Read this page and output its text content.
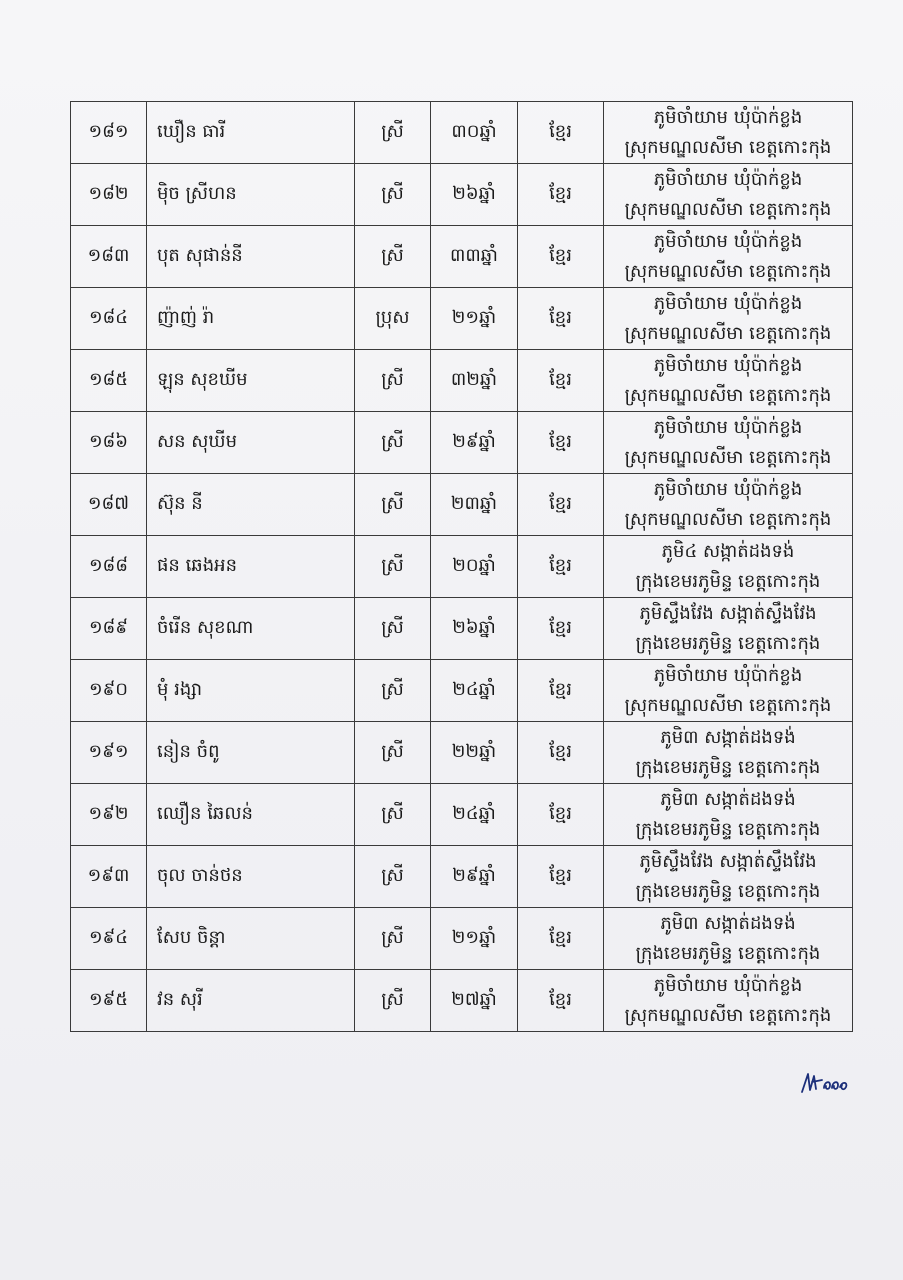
១៨១	ឃឿន ធារី	ស្រី	៣០ឆ្នាំ	ខ្មែរ	ភូមិចាំយាម ឃុំប៉ាក់ខ្លង
ស្រុកមណ្ឌលសីមា ខេត្តកោះកុង

១៨២	ម៉ិច ស្រីហន	ស្រី	២៦ឆ្នាំ	ខ្មែរ	ភូមិចាំយាម ឃុំប៉ាក់ខ្លង
ស្រុកមណ្ឌលសីមា ខេត្តកោះកុង

១៨៣	បុត សុផាន់នី	ស្រី	៣៣ឆ្នាំ	ខ្មែរ	ភូមិចាំយាម ឃុំប៉ាក់ខ្លង
ស្រុកមណ្ឌលសីមា ខេត្តកោះកុង

១៨៤	ញ៉ាញ់ រ៉ា	ប្រុស	២១ឆ្នាំ	ខ្មែរ	ភូមិចាំយាម ឃុំប៉ាក់ខ្លង
ស្រុកមណ្ឌលសីមា ខេត្តកោះកុង

១៨៥	ឡុន សុខឃីម	ស្រី	៣២ឆ្នាំ	ខ្មែរ	ភូមិចាំយាម ឃុំប៉ាក់ខ្លង
ស្រុកមណ្ឌលសីមា ខេត្តកោះកុង

១៨៦	សន សុឃីម	ស្រី	២៩ឆ្នាំ	ខ្មែរ	ភូមិចាំយាម ឃុំប៉ាក់ខ្លង
ស្រុកមណ្ឌលសីមា ខេត្តកោះកុង

១៨៧	ស៊ុន នី	ស្រី	២៣ឆ្នាំ	ខ្មែរ	ភូមិចាំយាម ឃុំប៉ាក់ខ្លង
ស្រុកមណ្ឌលសីមា ខេត្តកោះកុង

១៨៨	ផន ឆេងអន	ស្រី	២០ឆ្នាំ	ខ្មែរ	ភូមិ៤ សង្កាត់ដងទង់
ក្រុងខេមរភូមិន្ទ ខេត្តកោះកុង

១៨៩	ចំរើន សុខណា	ស្រី	២៦ឆ្នាំ	ខ្មែរ	ភូមិស្ទឹងវែង សង្កាត់ស្ទឹងវែង
ក្រុងខេមរភូមិន្ទ ខេត្តកោះកុង

១៩០	មុំ រង្សា	ស្រី	២៤ឆ្នាំ	ខ្មែរ	ភូមិចាំយាម ឃុំប៉ាក់ខ្លង
ស្រុកមណ្ឌលសីមា ខេត្តកោះកុង

១៩១	នៀន ចំពូ	ស្រី	២២ឆ្នាំ	ខ្មែរ	ភូមិ៣ សង្កាត់ដងទង់
ក្រុងខេមរភូមិន្ទ ខេត្តកោះកុង

១៩២	ឈឿន ឆៃលន់	ស្រី	២៤ឆ្នាំ	ខ្មែរ	ភូមិ៣ សង្កាត់ដងទង់
ក្រុងខេមរភូមិន្ទ ខេត្តកោះកុង

១៩៣	ចុល ចាន់ថន	ស្រី	២៩ឆ្នាំ	ខ្មែរ	ភូមិស្ទឹងវែង សង្កាត់ស្ទឹងវែង
ក្រុងខេមរភូមិន្ទ ខេត្តកោះកុង

១៩៤	សែប ចិន្តា	ស្រី	២១ឆ្នាំ	ខ្មែរ	ភូមិ៣ សង្កាត់ដងទង់
ក្រុងខេមរភូមិន្ទ ខេត្តកោះកុង

១៩៥	វន សុរី	ស្រី	២៧ឆ្នាំ	ខ្មែរ	ភូមិចាំយាម ឃុំប៉ាក់ខ្លង
ស្រុកមណ្ឌលសីមា ខេត្តកោះកុង
